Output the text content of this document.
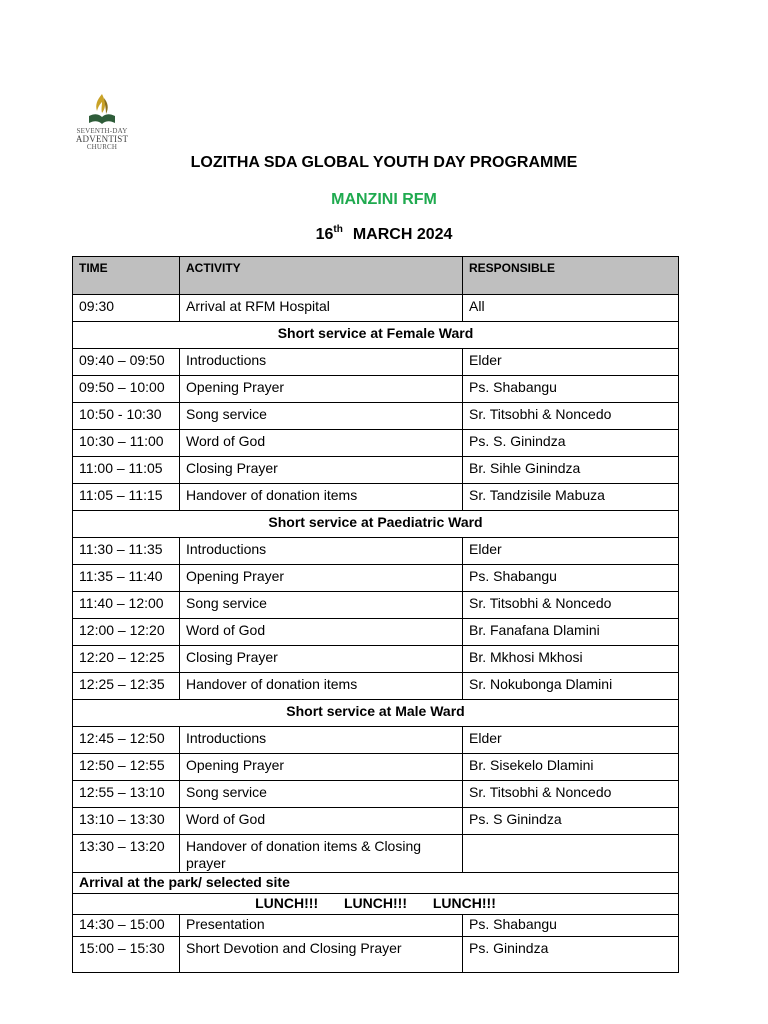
SEVENTH-DAY
ADVENTIST
CHURCH
LOZITHA SDA GLOBAL YOUTH DAY PROGRAMME
MANZINI RFM
16th MARCH 2024
TIME	ACTIVITY	RESPONSIBLE
09:30	Arrival at RFM Hospital	All
Short service at Female Ward		
09:40 – 09:50	Introductions	Elder
09:50 – 10:00	Opening Prayer	Ps. Shabangu
10:50 - 10:30	Song service	Sr. Titsobhi & Noncedo
10:30 – 11:00	Word of God	Ps. S. Ginindza
11:00 – 11:05	Closing Prayer	Br. Sihle Ginindza
11:05 – 11:15	Handover of donation items	Sr. Tandzisile Mabuza
Short service at Paediatric Ward		
11:30 – 11:35	Introductions	Elder
11:35 – 11:40	Opening Prayer	Ps. Shabangu
11:40 – 12:00	Song service	Sr. Titsobhi & Noncedo
12:00 – 12:20	Word of God	Br. Fanafana Dlamini
12:20 – 12:25	Closing Prayer	Br. Mkhosi Mkhosi
12:25 – 12:35	Handover of donation items	Sr. Nokubonga Dlamini
Short service at Male Ward		
12:45 – 12:50	Introductions	Elder
12:50 – 12:55	Opening Prayer	Br. Sisekelo Dlamini
12:55 – 13:10	Song service	Sr. Titsobhi & Noncedo
13:10 – 13:30	Word of God	Ps. S Ginindza
13:30 – 13:20	Handover of donation items & Closing prayer	
Arrival at the park/ selected site		
LUNCH!!! LUNCH!!! LUNCH!!!		
14:30 – 15:00	Presentation	Ps. Shabangu
15:00 – 15:30	Short Devotion and Closing Prayer	Ps. Ginindza
